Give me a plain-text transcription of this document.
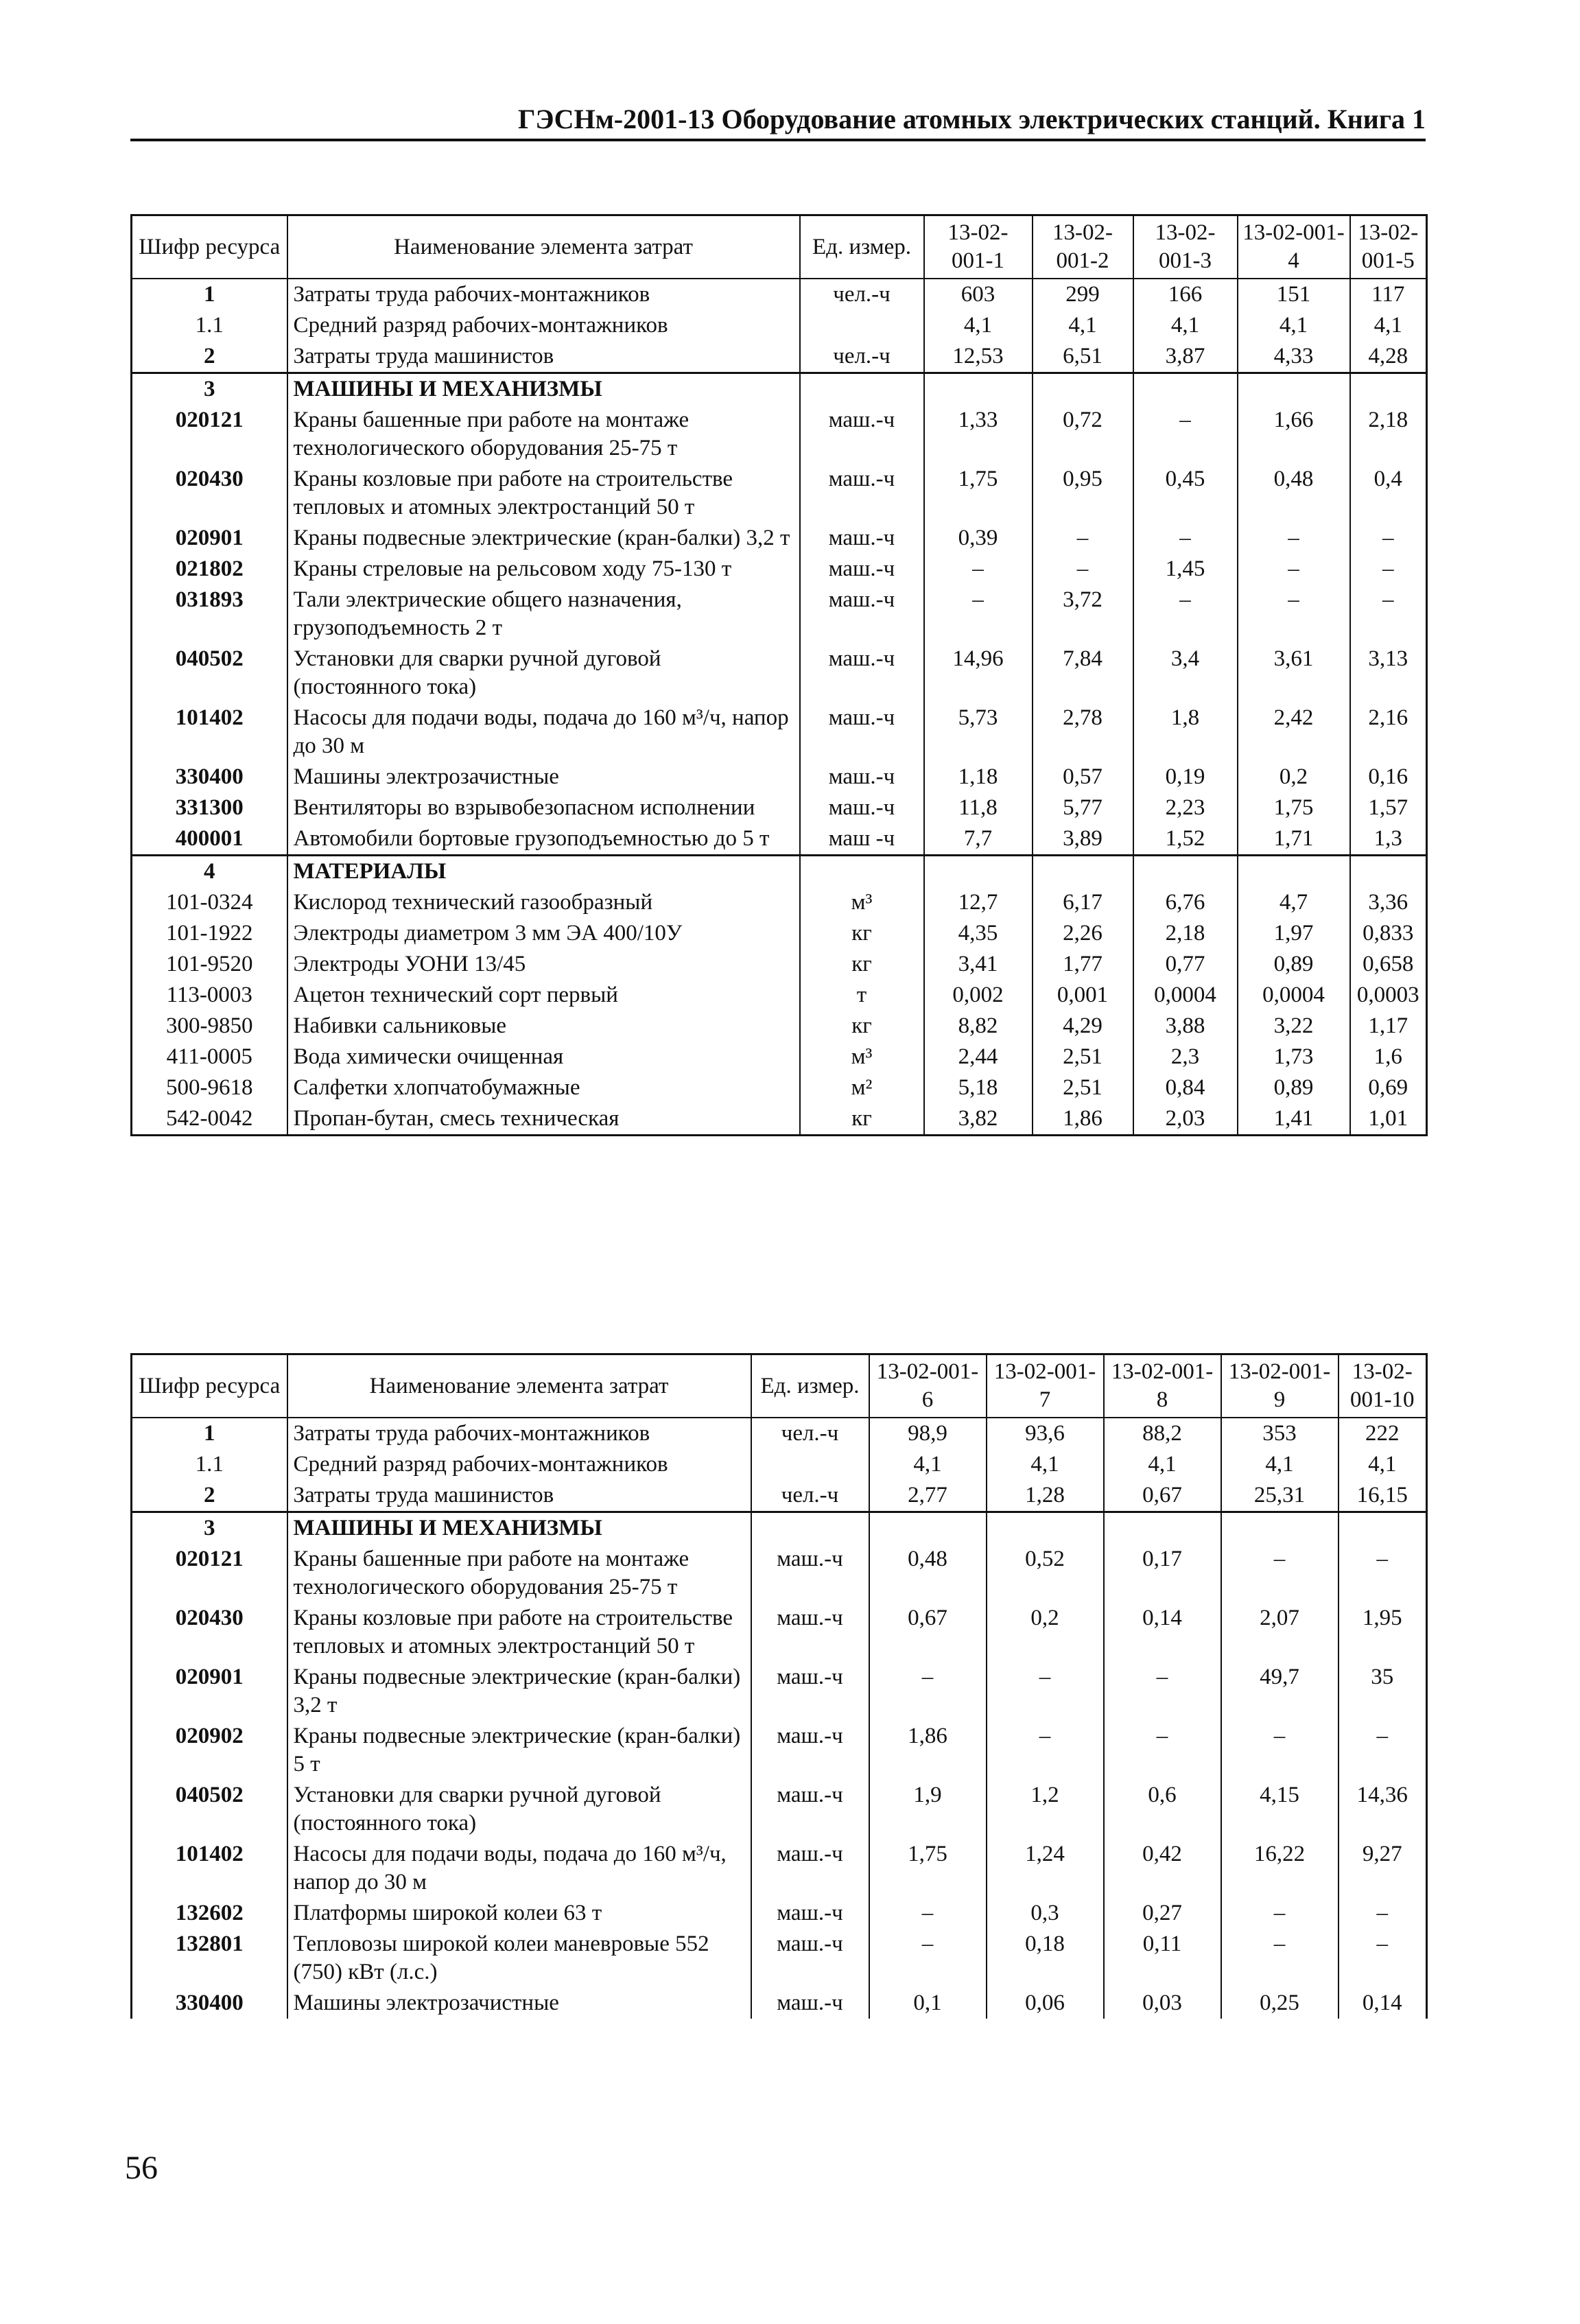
ГЭСНм-2001-13 Оборудование атомных электрических станций. Книга 1
Шифр ресурса	Наименование элемента затрат	Ед. измер.	13-02-001-1	13-02-001-2	13-02-001-3	13-02-001-4	13-02-001-5
1	Затраты труда рабочих-монтажников	чел.-ч	603	299	166	151	117
1.1	Средний разряд рабочих-монтажников		4,1	4,1	4,1	4,1	4,1
2	Затраты труда машинистов	чел.-ч	12,53	6,51	3,87	4,33	4,28
3	МАШИНЫ И МЕХАНИЗМЫ						
020121	Краны башенные при работе на монтаже технологического оборудования 25-75 т	маш.-ч	1,33	0,72	–	1,66	2,18
020430	Краны козловые при работе на строительстве тепловых и атомных электростанций 50 т	маш.-ч	1,75	0,95	0,45	0,48	0,4
020901	Краны подвесные электрические (кран-балки) 3,2 т	маш.-ч	0,39	–	–	–	–
021802	Краны стреловые на рельсовом ходу 75-130 т	маш.-ч	–	–	1,45	–	–
031893	Тали электрические общего назначения, грузоподъемность 2 т	маш.-ч	–	3,72	–	–	–
040502	Установки для сварки ручной дуговой (постоянного тока)	маш.-ч	14,96	7,84	3,4	3,61	3,13
101402	Насосы для подачи воды, подача до 160 м³/ч, напор до 30 м	маш.-ч	5,73	2,78	1,8	2,42	2,16
330400	Машины электрозачистные	маш.-ч	1,18	0,57	0,19	0,2	0,16
331300	Вентиляторы во взрывобезопасном исполнении	маш.-ч	11,8	5,77	2,23	1,75	1,57
400001	Автомобили бортовые грузоподъемностью до 5 т	маш -ч	7,7	3,89	1,52	1,71	1,3
4	МАТЕРИАЛЫ						
101-0324	Кислород технический газообразный	м³	12,7	6,17	6,76	4,7	3,36
101-1922	Электроды диаметром 3 мм ЭА 400/10У	кг	4,35	2,26	2,18	1,97	0,833
101-9520	Электроды УОНИ 13/45	кг	3,41	1,77	0,77	0,89	0,658
113-0003	Ацетон технический сорт первый	т	0,002	0,001	0,0004	0,0004	0,0003
300-9850	Набивки сальниковые	кг	8,82	4,29	3,88	3,22	1,17
411-0005	Вода химически очищенная	м³	2,44	2,51	2,3	1,73	1,6
500-9618	Салфетки хлопчатобумажные	м²	5,18	2,51	0,84	0,89	0,69
542-0042	Пропан-бутан, смесь техническая	кг	3,82	1,86	2,03	1,41	1,01
Шифр ресурса	Наименование элемента затрат	Ед. измер.	13-02-001-6	13-02-001-7	13-02-001-8	13-02-001-9	13-02-001-10
1	Затраты труда рабочих-монтажников	чел.-ч	98,9	93,6	88,2	353	222
1.1	Средний разряд рабочих-монтажников		4,1	4,1	4,1	4,1	4,1
2	Затраты труда машинистов	чел.-ч	2,77	1,28	0,67	25,31	16,15
3	МАШИНЫ И МЕХАНИЗМЫ						
020121	Краны башенные при работе на монтаже технологического оборудования 25-75 т	маш.-ч	0,48	0,52	0,17	–	–
020430	Краны козловые при работе на строительстве тепловых и атомных электростанций 50 т	маш.-ч	0,67	0,2	0,14	2,07	1,95
020901	Краны подвесные электрические (кран-балки) 3,2 т	маш.-ч	–	–	–	49,7	35
020902	Краны подвесные электрические (кран-балки) 5 т	маш.-ч	1,86	–	–	–	–
040502	Установки для сварки ручной дуговой (постоянного тока)	маш.-ч	1,9	1,2	0,6	4,15	14,36
101402	Насосы для подачи воды, подача до 160 м³/ч, напор до 30 м	маш.-ч	1,75	1,24	0,42	16,22	9,27
132602	Платформы широкой колеи 63 т	маш.-ч	–	0,3	0,27	–	–
132801	Тепловозы широкой колеи маневровые 552 (750) кВт (л.с.)	маш.-ч	–	0,18	0,11	–	–
330400	Машины электрозачистные	маш.-ч	0,1	0,06	0,03	0,25	0,14
56
